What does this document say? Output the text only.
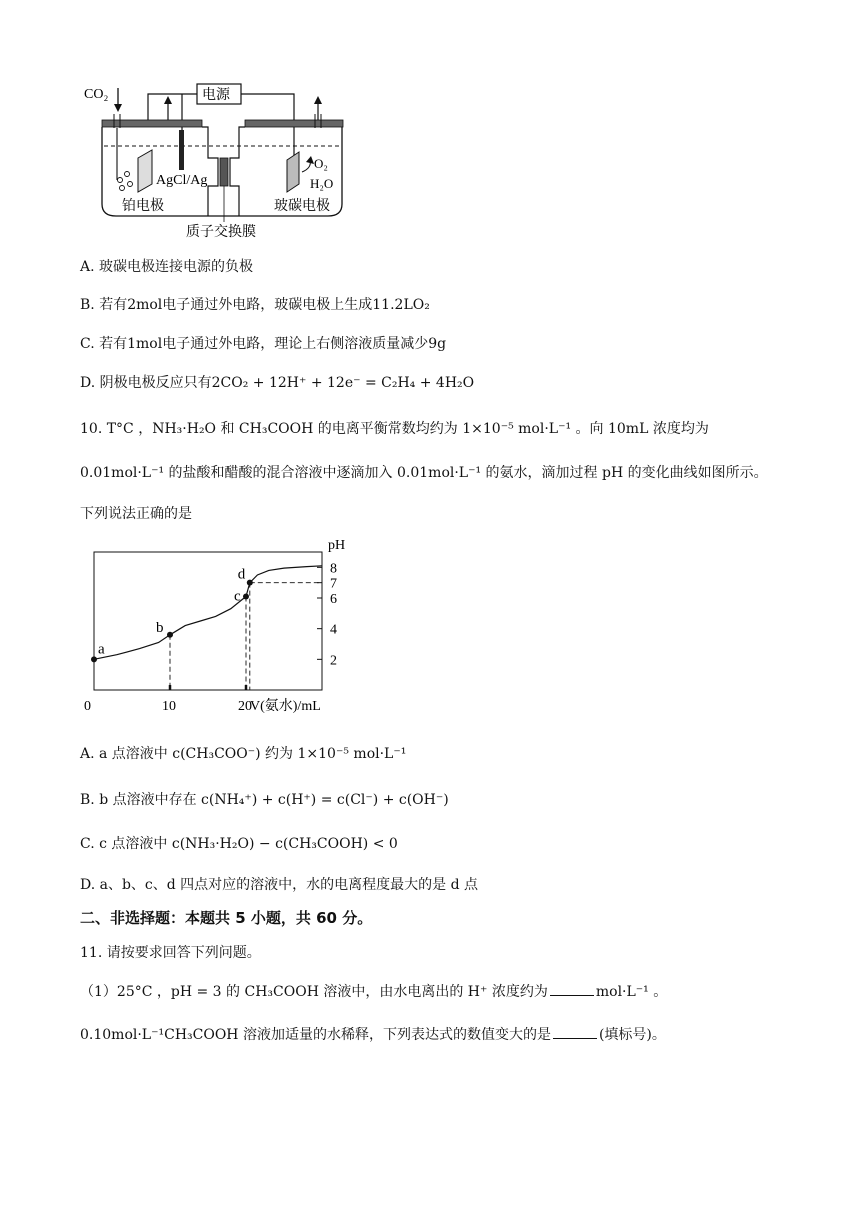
CO₂	电源
AgCl/Ag
O₂
H₂O
铂电极	玻碳电极
质子交换膜
A. 玻碳电极连接电源的负极
B. 若有2mol电子通过外电路，玻碳电极上生成11.2LO₂
C. 若有1mol电子通过外电路，理论上右侧溶液质量减少9g
D. 阴极电极反应只有2CO₂ + 12H⁺ + 12e⁻ = C₂H₄ + 4H₂O
10. T°C ，NH₃·H₂O 和 CH₃COOH 的电离平衡常数均约为 1×10⁻⁵ mol·L⁻¹ 。向 10mL 浓度均为
0.01mol·L⁻¹ 的盐酸和醋酸的混合溶液中逐滴加入 0.01mol·L⁻¹ 的氨水，滴加过程 pH 的变化曲线如图所示。
下列说法正确的是
2
4
6
7
8
0	10	20
a
b
c
d
pH
V(氨水)/mL
A. a 点溶液中 c(CH₃COO⁻) 约为 1×10⁻⁵ mol·L⁻¹
B. b 点溶液中存在 c(NH₄⁺) + c(H⁺) = c(Cl⁻) + c(OH⁻)
C. c 点溶液中 c(NH₃·H₂O) − c(CH₃COOH) < 0
D. a、b、c、d 四点对应的溶液中，水的电离程度最大的是 d 点
二、非选择题：本题共 5 小题，共 60 分。
11. 请按要求回答下列问题。
（1）25°C ，pH = 3 的 CH₃COOH 溶液中，由水电离出的 H⁺ 浓度约为	mol·L⁻¹ 。
0.10mol·L⁻¹CH₃COOH 溶液加适量的水稀释，下列表达式的数值变大的是	(填标号)。
